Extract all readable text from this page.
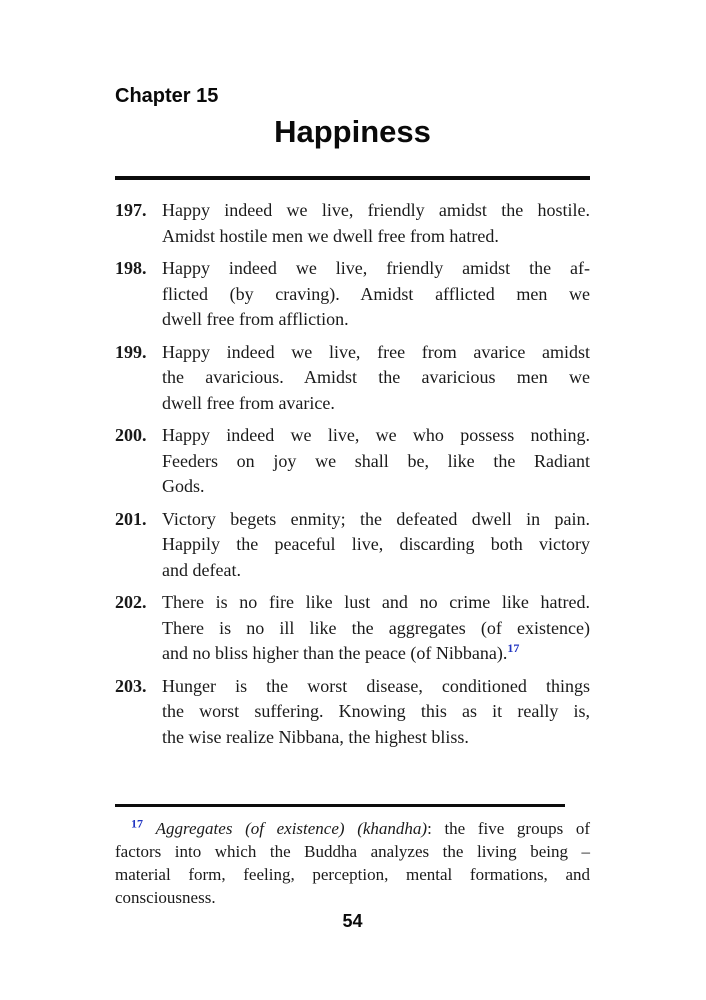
Chapter 15
Happiness
197. Happy indeed we live, friendly amidst the hostile.
Amidst hostile men we dwell free from hatred.
198. Happy indeed we live, friendly amidst the af-
flicted (by craving). Amidst afflicted men we
dwell free from affliction.
199. Happy indeed we live, free from avarice amidst
the avaricious. Amidst the avaricious men we
dwell free from avarice.
200. Happy indeed we live, we who possess nothing.
Feeders on joy we shall be, like the Radiant
Gods.
201. Victory begets enmity; the defeated dwell in pain.
Happily the peaceful live, discarding both victory
and defeat.
202. There is no fire like lust and no crime like hatred.
There is no ill like the aggregates (of existence)
and no bliss higher than the peace (of Nibbana).$^{17}$
203. Hunger is the worst disease, conditioned things
the worst suffering. Knowing this as it really is,
the wise realize Nibbana, the highest bliss.
$^{17}$ Aggregates (of existence) (khandha): the five groups of
factors into which the Buddha analyzes the living being –
material form, feeling, perception, mental formations, and
consciousness.
54
